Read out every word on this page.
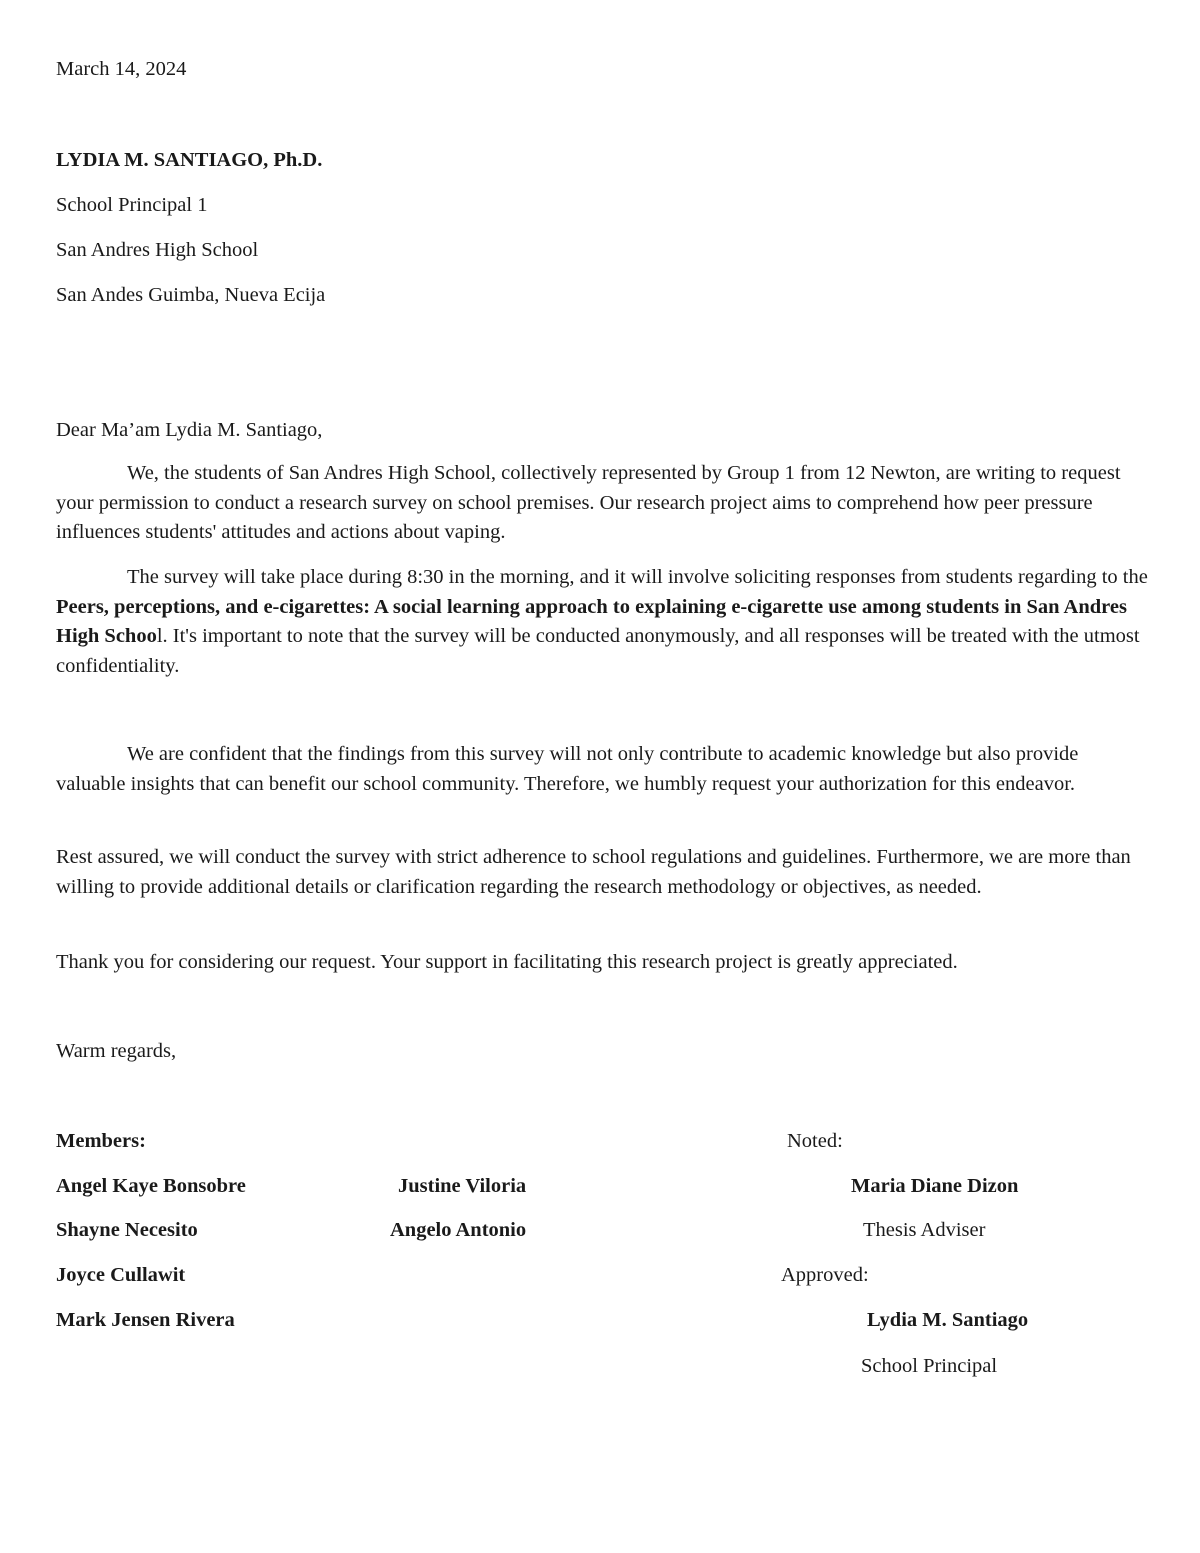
March 14, 2024
LYDIA M. SANTIAGO, Ph.D.
School Principal 1
San Andres High School
San Andes Guimba, Nueva Ecija
Dear Ma’am Lydia M. Santiago,
We, the students of San Andres High School, collectively represented by Group 1 from 12 Newton, are writing to request your permission to conduct a research survey on school premises. Our research project aims to comprehend how peer pressure influences students' attitudes and actions about vaping.
The survey will take place during 8:30 in the morning, and it will involve soliciting responses from students regarding to the Peers, perceptions, and e-cigarettes: A social learning approach to explaining e-cigarette use among students in San Andres High School. It's important to note that the survey will be conducted anonymously, and all responses will be treated with the utmost confidentiality.
We are confident that the findings from this survey will not only contribute to academic knowledge but also provide valuable insights that can benefit our school community. Therefore, we humbly request your authorization for this endeavor.
Rest assured, we will conduct the survey with strict adherence to school regulations and guidelines. Furthermore, we are more than willing to provide additional details or clarification regarding the research methodology or objectives, as needed.
Thank you for considering our request. Your support in facilitating this research project is greatly appreciated.
Warm regards,
Members:
Angel Kaye Bonsobre
Shayne Necesito
Joyce Cullawit
Mark Jensen Rivera
Justine Viloria
Angelo Antonio
Noted:
Maria Diane Dizon
Thesis Adviser
Approved:
Lydia M. Santiago
School Principal
